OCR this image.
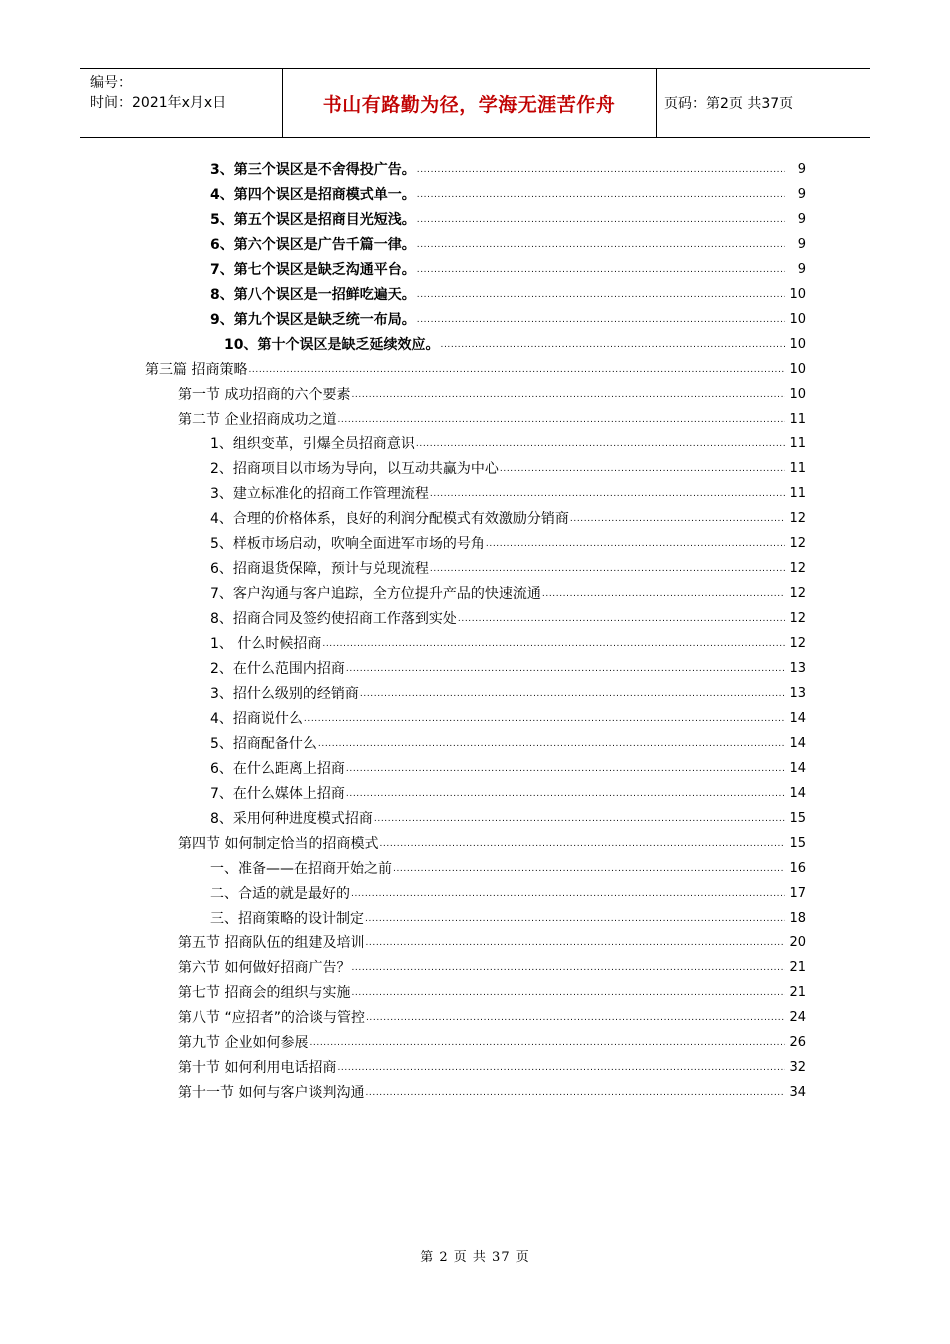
编号：
时间：2021年x月x日	书山有路勤为径，学海无涯苦作舟	页码：第2页 共37页
3、第三个误区是不舍得投广告。 .....	9
4、第四个误区是招商模式单一。 .....	9
5、第五个误区是招商目光短浅。 .....	9
6、第六个误区是广告千篇一律。 .....	9
7、第七个误区是缺乏沟通平台。 .....	9
8、第八个误区是一招鲜吃遍天。 .....	10
9、第九个误区是缺乏统一布局。 .....	10
10、第十个误区是缺乏延续效应。 .....	10
第三篇 招商策略 .....	10
第一节 成功招商的六个要素 .....	10
第二节 企业招商成功之道 .....	11
1、组织变革，引爆全员招商意识 .....	11
2、招商项目以市场为导向，以互动共赢为中心 .....	11
3、建立标准化的招商工作管理流程 .....	11
4、合理的价格体系，良好的利润分配模式有效激励分销商 .....	12
5、样板市场启动，吹响全面进军市场的号角 .....	12
6、招商退货保障，预计与兑现流程 .....	12
7、客户沟通与客户追踪，全方位提升产品的快速流通 .....	12
8、招商合同及签约使招商工作落到实处 .....	12
1、 什么时候招商 .....	12
2、在什么范围内招商 .....	13
3、招什么级别的经销商 .....	13
4、招商说什么 .....	14
5、招商配备什么 .....	14
6、在什么距离上招商 .....	14
7、在什么媒体上招商 .....	14
8、采用何种进度模式招商 .....	15
第四节 如何制定恰当的招商模式 .....	15
一、准备——在招商开始之前 .....	16
二、合适的就是最好的 .....	17
三、招商策略的设计制定 .....	18
第五节 招商队伍的组建及培训 .....	20
第六节 如何做好招商广告？ .....	21
第七节 招商会的组织与实施 .....	21
第八节 “应招者”的洽谈与管控 .....	24
第九节 企业如何参展 .....	26
第十节 如何利用电话招商 .....	32
第十一节 如何与客户谈判沟通 .....	34
第 2 页 共 37 页
